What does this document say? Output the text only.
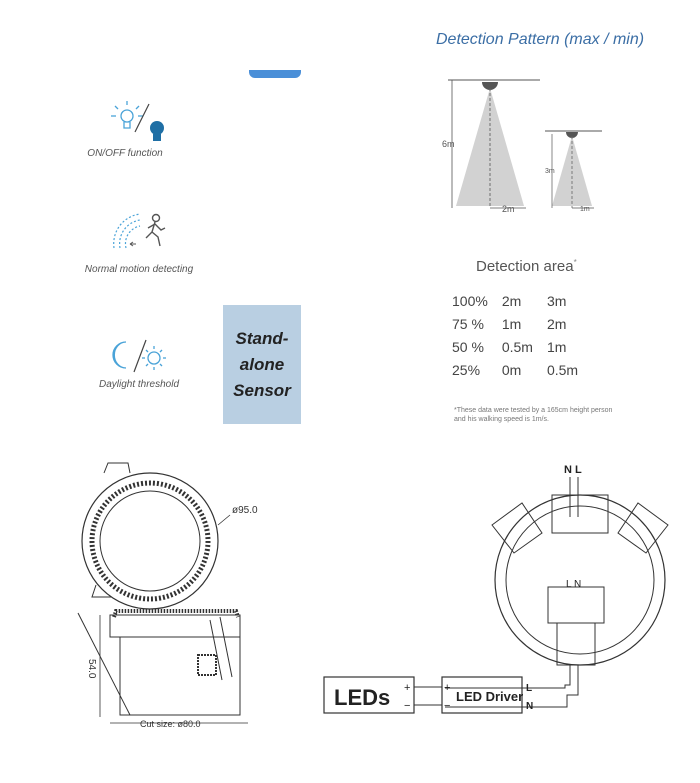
Detection Pattern (max / min)
ON/OFF function
Normal motion detecting
Daylight threshold
Stand-
alone
Sensor
6m
2m
3m
1m
Detection area*
100%	2m	3m
75 %	1m	2m
50 %	0.5m	1m
25%	0m	0.5m
*These data were tested by a 165cm height person and his walking speed is 1m/s.
ø95.0
54.0
Cut size: ø80.0
N L
L N
LEDs +
−
+
−
LED Driver
L
N
